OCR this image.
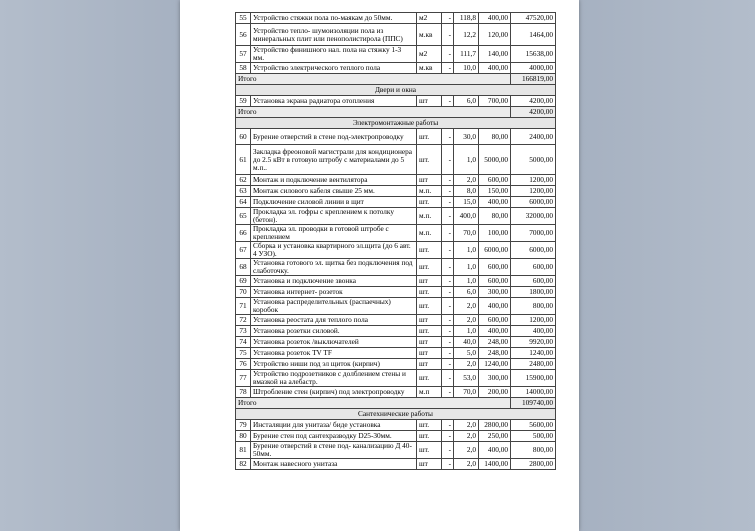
55	Устройство стяжки пола по-маякам до 50мм.	м2	-	118,8	400,00	47520,00
56	Устройство тепло- шумоизоляции пола из минеральных плит или пенополистирола (ППС)	м.кв	-	12,2	120,00	1464,00
57	Устройство финишного нал. пола на стяжку 1-3 мм.	м2	-	111,7	140,00	15638,00
58	Устройство электрического теплого пола	м.кв	-	10,0	400,00	4000,00
Итого						166819,00
Двери и окна						
59	Установка экрана радиатора отопления	шт	-	6,0	700,00	4200,00
Итого						4200,00
Электромонтажные работы						
60	Бурение отверстий в стене под-электропроводку	шт.	-	30,0	80,00	2400,00
61	Закладка фреоновой магистрали для кондиционера до 2.5 кВт в готовую штробу с материалами до 5 м.п..	шт.	-	1,0	5000,00	5000,00
62	Монтаж и подключение вентилятора	шт	-	2,0	600,00	1200,00
63	Монтаж силового кабеля свыше 25 мм.	м.п.	-	8,0	150,00	1200,00
64	Подключение силовой линии в щит	шт.	-	15,0	400,00	6000,00
65	Прокладка эл. гофры с креплением к потолку (бетон).	м.п.	-	400,0	80,00	32000,00
66	Прокладка эл. проводки в готовой штробе с креплением	м.п.	-	70,0	100,00	7000,00
67	Сборка и установка квартирного эл.щита (до 6 авт. 4 УЗО).	шт.	-	1,0	6000,00	6000,00
68	Установка готового эл. щитка без подключения под слаботочку.	шт.	-	1,0	600,00	600,00
69	Установка и подключение звонка	шт	-	1,0	600,00	600,00
70	Установка интернет- розеток	шт.	-	6,0	300,00	1800,00
71	Установка распределительных (распаечных) коробок	шт.	-	2,0	400,00	800,00
72	Установка реостата для теплого пола	шт	-	2,0	600,00	1200,00
73	Установка розетки силовой.	шт.	-	1,0	400,00	400,00
74	Установка розеток /выключателей	шт	-	40,0	248,00	9920,00
75	Установка розеток TV TF	шт	-	5,0	248,00	1240,00
76	Устройство ниши под эл щиток (кирпич)	шт	-	2,0	1240,00	2480,00
77	Устройство подрозетников с долблением стены и вмазкой на алебастр.	шт.	-	53,0	300,00	15900,00
78	Штробление стен (кирпич) под электропроводку	м.п	-	70,0	200,00	14000,00
Итого						109740,00
Сантехнические работы						
79	Инсталяции для унитаза/ биде установка	шт.	-	2,0	2800,00	5600,00
80	Бурение стен под сантехразводку D25-30мм.	шт.	-	2,0	250,00	500,00
81	Бурение отверстий в стене под- канализацию Д 40-50мм.	шт.	-	2,0	400,00	800,00
82	Монтаж навесного унитаза	шт	-	2,0	1400,00	2800,00
